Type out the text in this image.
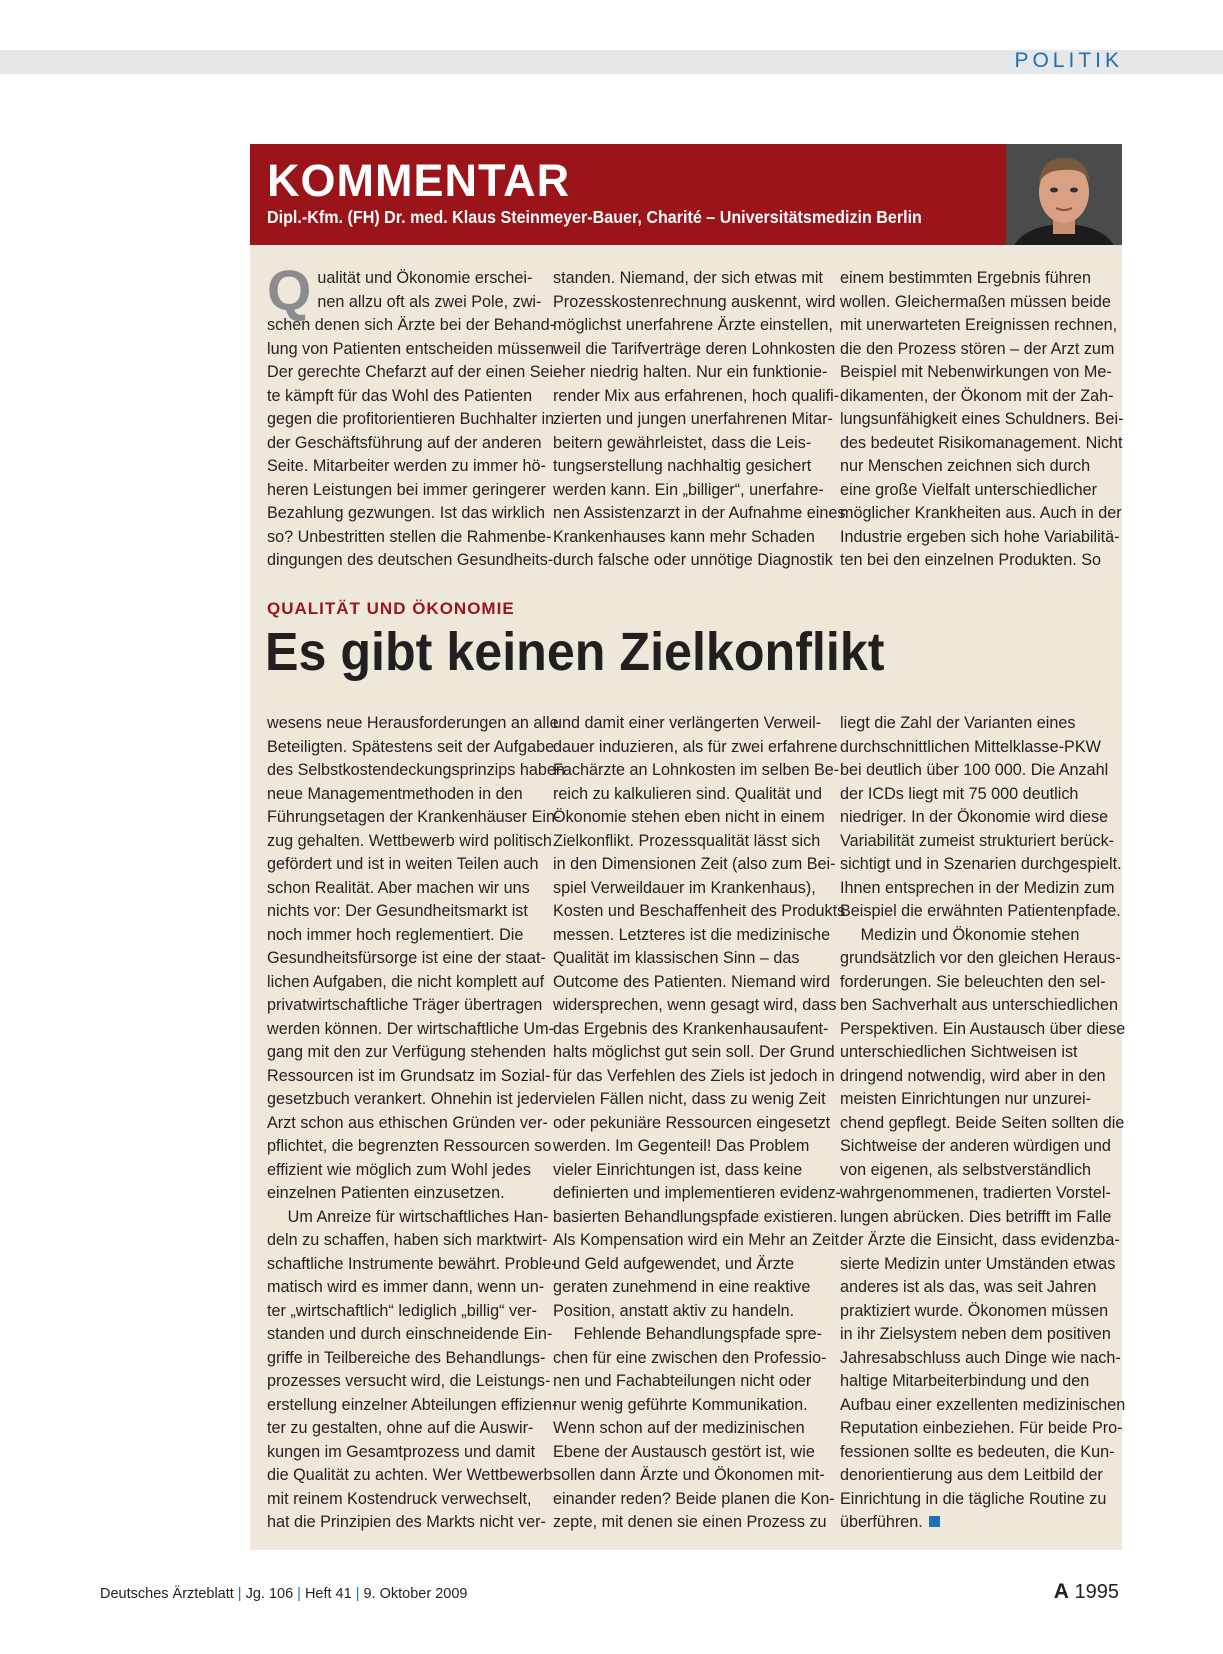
POLITIK
KOMMENTAR
Dipl.-Kfm. (FH) Dr. med. Klaus Steinmeyer-Bauer, Charité – Universitätsmedizin Berlin
Q ualität und Ökonomie erschei-
nen allzu oft als zwei Pole, zwi-
schen denen sich Ärzte bei der Behand-
lung von Patienten entscheiden müssen.
Der gerechte Chefarzt auf der einen Sei-
te kämpft für das Wohl des Patienten
gegen die profitorientieren Buchhalter in
der Geschäftsführung auf der anderen
Seite. Mitarbeiter werden zu immer hö-
heren Leistungen bei immer geringerer
Bezahlung gezwungen. Ist das wirklich
so? Unbestritten stellen die Rahmenbe-
dingungen des deutschen Gesundheits-
standen. Niemand, der sich etwas mit
Prozesskostenrechnung auskennt, wird
möglichst unerfahrene Ärzte einstellen,
weil die Tarifverträge deren Lohnkosten
eher niedrig halten. Nur ein funktionie-
render Mix aus erfahrenen, hoch qualifi-
zierten und jungen unerfahrenen Mitar-
beitern gewährleistet, dass die Leis-
tungserstellung nachhaltig gesichert
werden kann. Ein „billiger“, unerfahre-
nen Assistenzarzt in der Aufnahme eines
Krankenhauses kann mehr Schaden
durch falsche oder unnötige Diagnostik
einem bestimmten Ergebnis führen
wollen. Gleichermaßen müssen beide
mit unerwarteten Ereignissen rechnen,
die den Prozess stören – der Arzt zum
Beispiel mit Nebenwirkungen von Me-
dikamenten, der Ökonom mit der Zah-
lungsunfähigkeit eines Schuldners. Bei-
des bedeutet Risikomanagement. Nicht
nur Menschen zeichnen sich durch
eine große Vielfalt unterschiedlicher
möglicher Krankheiten aus. Auch in der
Industrie ergeben sich hohe Variabilitä-
ten bei den einzelnen Produkten. So
QUALITÄT UND ÖKONOMIE
Es gibt keinen Zielkonflikt
wesens neue Herausforderungen an alle
Beteiligten. Spätestens seit der Aufgabe
des Selbstkostendeckungsprinzips haben
neue Managementmethoden in den
Führungsetagen der Krankenhäuser Ein-
zug gehalten. Wettbewerb wird politisch
gefördert und ist in weiten Teilen auch
schon Realität. Aber machen wir uns
nichts vor: Der Gesundheitsmarkt ist
noch immer hoch reglementiert. Die
Gesundheitsfürsorge ist eine der staat-
lichen Aufgaben, die nicht komplett auf
privatwirtschaftliche Träger übertragen
werden können. Der wirtschaftliche Um-
gang mit den zur Verfügung stehenden
Ressourcen ist im Grundsatz im Sozial-
gesetzbuch verankert. Ohnehin ist jeder
Arzt schon aus ethischen Gründen ver-
pflichtet, die begrenzten Ressourcen so
effizient wie möglich zum Wohl jedes
einzelnen Patienten einzusetzen.
  Um Anreize für wirtschaftliches Han-
deln zu schaffen, haben sich marktwirt-
schaftliche Instrumente bewährt. Proble-
matisch wird es immer dann, wenn un-
ter „wirtschaftlich“ lediglich „billig“ ver-
standen und durch einschneidende Ein-
griffe in Teilbereiche des Behandlungs-
prozesses versucht wird, die Leistungs-
erstellung einzelner Abteilungen effizien-
ter zu gestalten, ohne auf die Auswir-
kungen im Gesamtprozess und damit
die Qualität zu achten. Wer Wettbewerb
mit reinem Kostendruck verwechselt,
hat die Prinzipien des Markts nicht ver-
und damit einer verlängerten Verweil-
dauer induzieren, als für zwei erfahrene
Fachärzte an Lohnkosten im selben Be-
reich zu kalkulieren sind. Qualität und
Ökonomie stehen eben nicht in einem
Zielkonflikt. Prozessqualität lässt sich
in den Dimensionen Zeit (also zum Bei-
spiel Verweildauer im Krankenhaus),
Kosten und Beschaffenheit des Produkts
messen. Letzteres ist die medizinische
Qualität im klassischen Sinn – das
Outcome des Patienten. Niemand wird
widersprechen, wenn gesagt wird, dass
das Ergebnis des Krankenhausaufent-
halts möglichst gut sein soll. Der Grund
für das Verfehlen des Ziels ist jedoch in
vielen Fällen nicht, dass zu wenig Zeit
oder pekuniäre Ressourcen eingesetzt
werden. Im Gegenteil! Das Problem
vieler Einrichtungen ist, dass keine
definierten und implementieren evidenz-
basierten Behandlungspfade existieren.
Als Kompensation wird ein Mehr an Zeit
und Geld aufgewendet, und Ärzte
geraten zunehmend in eine reaktive
Position, anstatt aktiv zu handeln.
  Fehlende Behandlungspfade spre-
chen für eine zwischen den Professio-
nen und Fachabteilungen nicht oder
nur wenig geführte Kommunikation.
Wenn schon auf der medizinischen
Ebene der Austausch gestört ist, wie
sollen dann Ärzte und Ökonomen mit-
einander reden? Beide planen die Kon-
zepte, mit denen sie einen Prozess zu
liegt die Zahl der Varianten eines
durchschnittlichen Mittelklasse-PKW
bei deutlich über 100 000. Die Anzahl
der ICDs liegt mit 75 000 deutlich
niedriger. In der Ökonomie wird diese
Variabilität zumeist strukturiert berück-
sichtigt und in Szenarien durchgespielt.
Ihnen entsprechen in der Medizin zum
Beispiel die erwähnten Patientenpfade.
  Medizin und Ökonomie stehen
grundsätzlich vor den gleichen Heraus-
forderungen. Sie beleuchten den sel-
ben Sachverhalt aus unterschiedlichen
Perspektiven. Ein Austausch über diese
unterschiedlichen Sichtweisen ist
dringend notwendig, wird aber in den
meisten Einrichtungen nur unzurei-
chend gepflegt. Beide Seiten sollten die
Sichtweise der anderen würdigen und
von eigenen, als selbstverständlich
wahrgenommenen, tradierten Vorstel-
lungen abrücken. Dies betrifft im Falle
der Ärzte die Einsicht, dass evidenzba-
sierte Medizin unter Umständen etwas
anderes ist als das, was seit Jahren
praktiziert wurde. Ökonomen müssen
in ihr Zielsystem neben dem positiven
Jahresabschluss auch Dinge wie nach-
haltige Mitarbeiterbindung und den
Aufbau einer exzellenten medizinischen
Reputation einbeziehen. Für beide Pro-
fessionen sollte es bedeuten, die Kun-
denorientierung aus dem Leitbild der
Einrichtung in die tägliche Routine zu
überführen.
Deutsches Ärzteblatt | Jg. 106 | Heft 41 | 9. Oktober 2009	A 1995
